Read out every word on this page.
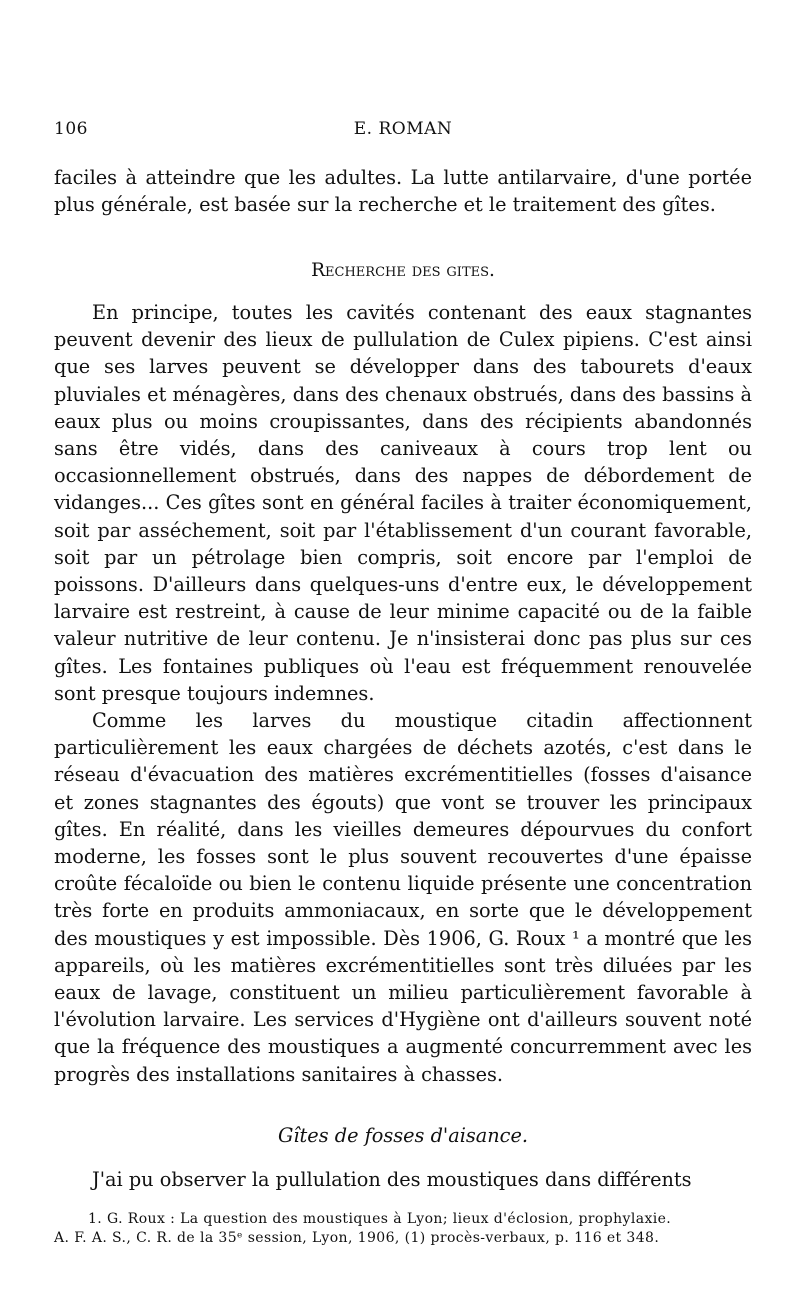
106	E. ROMAN

faciles à atteindre que les adultes. La lutte antilarvaire, d'une portée plus générale, est basée sur la recherche et le traitement des gîtes.

Recherche des gites.

En principe, toutes les cavités contenant des eaux stagnantes peuvent devenir des lieux de pullulation de Culex pipiens. C'est ainsi que ses larves peuvent se développer dans des tabourets d'eaux pluviales et ménagères, dans des chenaux obstrués, dans des bassins à eaux plus ou moins croupissantes, dans des récipients abandonnés sans être vidés, dans des caniveaux à cours trop lent ou occasionnellement obstrués, dans des nappes de débordement de vidanges... Ces gîtes sont en général faciles à traiter économiquement, soit par asséchement, soit par l'établissement d'un courant favorable, soit par un pétrolage bien compris, soit encore par l'emploi de poissons. D'ailleurs dans quelques-uns d'entre eux, le développement larvaire est restreint, à cause de leur minime capacité ou de la faible valeur nutritive de leur contenu. Je n'insisterai donc pas plus sur ces gîtes. Les fontaines publiques où l'eau est fréquemment renouvelée sont presque toujours indemnes.

Comme les larves du moustique citadin affectionnent particulièrement les eaux chargées de déchets azotés, c'est dans le réseau d'évacuation des matières excrémentitielles (fosses d'aisance et zones stagnantes des égouts) que vont se trouver les principaux gîtes. En réalité, dans les vieilles demeures dépourvues du confort moderne, les fosses sont le plus souvent recouvertes d'une épaisse croûte fécaloïde ou bien le contenu liquide présente une concentration très forte en produits ammoniacaux, en sorte que le développement des moustiques y est impossible. Dès 1906, G. Roux ¹ a montré que les appareils, où les matières excrémentitielles sont très diluées par les eaux de lavage, constituent un milieu particulièrement favorable à l'évolution larvaire. Les services d'Hygiène ont d'ailleurs souvent noté que la fréquence des moustiques a augmenté concurremment avec les progrès des installations sanitaires à chasses.

Gîtes de fosses d'aisance.

J'ai pu observer la pullulation des moustiques dans différents

1. G. Roux : La question des moustiques à Lyon; lieux d'éclosion, prophylaxie.

A. F. A. S., C. R. de la 35ᵉ session, Lyon, 1906, (1) procès-verbaux, p. 116 et 348.
